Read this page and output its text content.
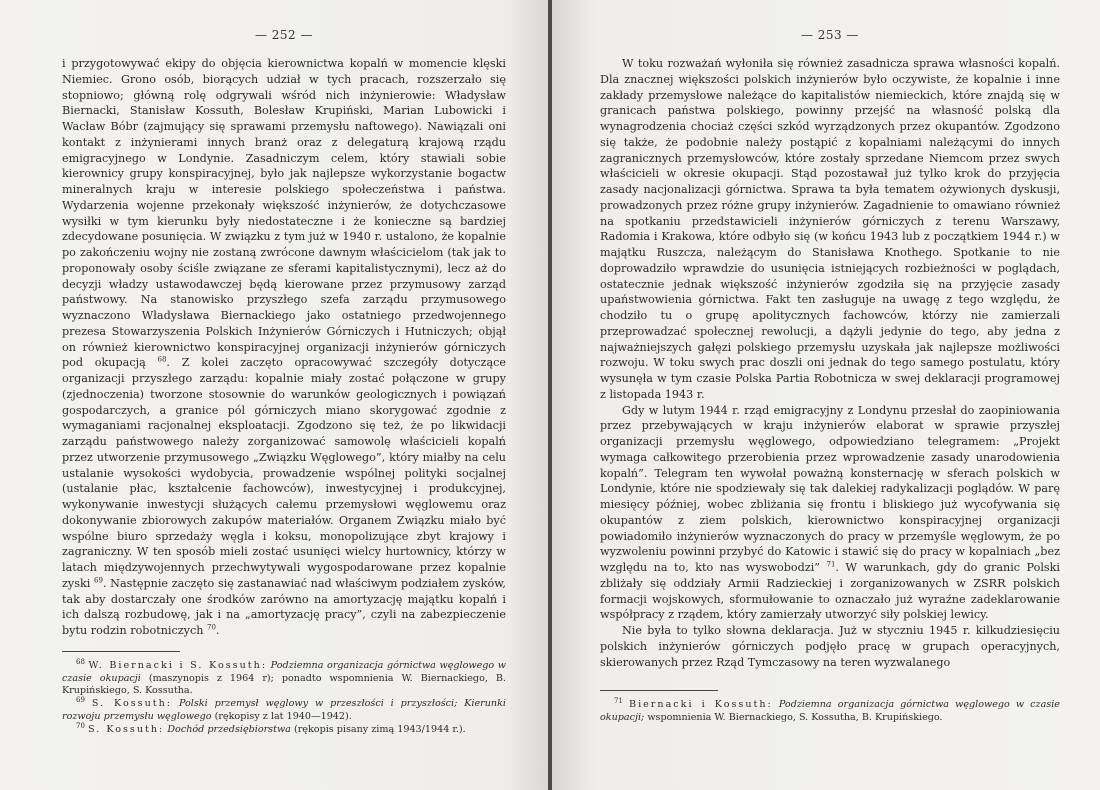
— 252 —

i przygotowywać ekipy do objęcia kierownictwa kopalń w momencie klęski Niemiec. Grono osób, biorących udział w tych pracach, rozszerzało się stopniowo; główną rolę odgrywali wśród nich inżynierowie: Władysław Biernacki, Stanisław Kossuth, Bolesław Krupiński, Marian Lubowicki i Wacław Bóbr (zajmujący się sprawami przemysłu naftowego). Nawiązali oni kontakt z inżynierami innych branż oraz z delegaturą krajową rządu emigracyjnego w Londynie. Zasadniczym celem, który stawiali sobie kierownicy grupy konspiracyjnej, było jak najlepsze wykorzystanie bogactw mineralnych kraju w interesie polskiego społeczeństwa i państwa. Wydarzenia wojenne przekonały większość inżynierów, że dotychczasowe wysiłki w tym kierunku były niedostateczne i że konieczne są bardziej zdecydowane posunięcia. W związku z tym już w 1940 r. ustalono, że kopalnie po zakończeniu wojny nie zostaną zwrócone dawnym właścicielom (tak jak to proponowały osoby ściśle związane ze sferami kapitalistycznymi), lecz aż do decyzji władzy ustawodawczej będą kierowane przez przymusowy zarząd państwowy. Na stanowisko przyszłego szefa zarządu przymusowego wyznaczono Władysława Biernackiego jako ostatniego przedwojennego prezesa Stowarzyszenia Polskich Inżynierów Górniczych i Hutniczych; objął on również kierownictwo konspiracyjnej organizacji inżynierów górniczych pod okupacją $^{68}$. Z kolei zaczęto opracowywać szczegóły dotyczące organizacji przyszłego zarządu: kopalnie miały zostać połączone w grupy (zjednoczenia) tworzone stosownie do warunków geologicznych i powiązań gospodarczych, a granice pól górniczych miano skorygować zgodnie z wymaganiami racjonalnej eksploatacji. Zgodzono się też, że po likwidacji zarządu państwowego należy zorganizować samowolę właścicieli kopalń przez utworzenie przymusowego „Związku Węglowego”, który miałby na celu ustalanie wysokości wydobycia, prowadzenie wspólnej polityki socjalnej (ustalanie płac, kształcenie fachowców), inwestycyjnej i produkcyjnej, wykonywanie inwestycji służących całemu przemysłowi węglowemu oraz dokonywanie zbiorowych zakupów materiałów. Organem Związku miało być wspólne biuro sprzedaży węgla i koksu, monopolizujące zbyt krajowy i zagraniczny. W ten sposób mieli zostać usunięci wielcy hurtownicy, którzy w latach międzywojennych przechwytywali wygospodarowane przez kopalnie zyski $^{69}$. Następnie zaczęto się zastanawiać nad właściwym podziałem zysków, tak aby dostarczały one środków zarówno na amortyzację majątku kopalń i ich dalszą rozbudowę, jak i na „amortyzację pracy”, czyli na zabezpieczenie bytu rodzin robotniczych $^{70}$.

$^{68}$ W. Biernacki i S. Kossuth: Podziemna organizacja górnictwa węglowego w czasie okupacji (maszynopis z 1964 r); ponadto wspomnienia W. Biernackiego, B. Krupińskiego, S. Kossutha.

$^{69}$ S. Kossuth: Polski przemysł węglowy w przeszłości i przyszłości; Kierunki rozwoju przemysłu węglowego (rękopisy z lat 1940—1942).

$^{70}$ S. Kossuth: Dochód przedsiębiorstwa (rękopis pisany zimą 1943/1944 r.).

— 253 —

W toku rozważań wyłoniła się również zasadnicza sprawa własności kopalń. Dla znacznej większości polskich inżynierów było oczywiste, że kopalnie i inne zakłady przemysłowe należące do kapitalistów niemieckich, które znajdą się w granicach państwa polskiego, powinny przejść na własność polską dla wynagrodzenia chociaż części szkód wyrządzonych przez okupantów. Zgodzono się także, że podobnie należy postąpić z kopalniami należącymi do innych zagranicznych przemysłowców, które zostały sprzedane Niemcom przez swych właścicieli w okresie okupacji. Stąd pozostawał już tylko krok do przyjęcia zasady nacjonalizacji górnictwa. Sprawa ta była tematem ożywionych dyskusji, prowadzonych przez różne grupy inżynierów. Zagadnienie to omawiano również na spotkaniu przedstawicieli inżynierów górniczych z terenu Warszawy, Radomia i Krakowa, które odbyło się (w końcu 1943 lub z początkiem 1944 r.) w majątku Ruszcza, należącym do Stanisława Knothego. Spotkanie to nie doprowadziło wprawdzie do usunięcia istniejących rozbieżności w poglądach, ostatecznie jednak większość inżynierów zgodziła się na przyjęcie zasady upaństwowienia górnictwa. Fakt ten zasługuje na uwagę z tego względu, że chodziło tu o grupę apolitycznych fachowców, którzy nie zamierzali przeprowadzać społecznej rewolucji, a dążyli jedynie do tego, aby jedna z najważniejszych gałęzi polskiego przemysłu uzyskała jak najlepsze możliwości rozwoju. W toku swych prac doszli oni jednak do tego samego postulatu, który wysunęła w tym czasie Polska Partia Robotnicza w swej deklaracji programowej z listopada 1943 r.

Gdy w lutym 1944 r. rząd emigracyjny z Londynu przesłał do zaopiniowania przez przebywających w kraju inżynierów elaborat w sprawie przyszłej organizacji przemysłu węglowego, odpowiedziano telegramem: „Projekt wymaga całkowitego przerobienia przez wprowadzenie zasady unarodowienia kopalń”. Telegram ten wywołał poważną konsternację w sferach polskich w Londynie, które nie spodziewały się tak dalekiej radykalizacji poglądów. W parę miesięcy później, wobec zbliżania się frontu i bliskiego już wycofywania się okupantów z ziem polskich, kierownictwo konspiracyjnej organizacji powiadomiło inżynierów wyznaczonych do pracy w przemyśle węglowym, że po wyzwoleniu powinni przybyć do Katowic i stawić się do pracy w kopalniach „bez względu na to, kto nas wyswobodzi” $^{71}$. W warunkach, gdy do granic Polski zbliżały się oddziały Armii Radzieckiej i zorganizowanych w ZSRR polskich formacji wojskowych, sformułowanie to oznaczało już wyraźne zadeklarowanie współpracy z rządem, który zamierzały utworzyć siły polskiej lewicy.

Nie była to tylko słowna deklaracja. Już w styczniu 1945 r. kilkudziesięciu polskich inżynierów górniczych podjęło pracę w grupach operacyjnych, skierowanych przez Rząd Tymczasowy na teren wyzwalanego

$^{71}$ Biernacki i Kossuth: Podziemna organizacja górnictwa węglowego w czasie okupacji; wspomnienia W. Biernackiego, S. Kossutha, B. Krupińskiego.
